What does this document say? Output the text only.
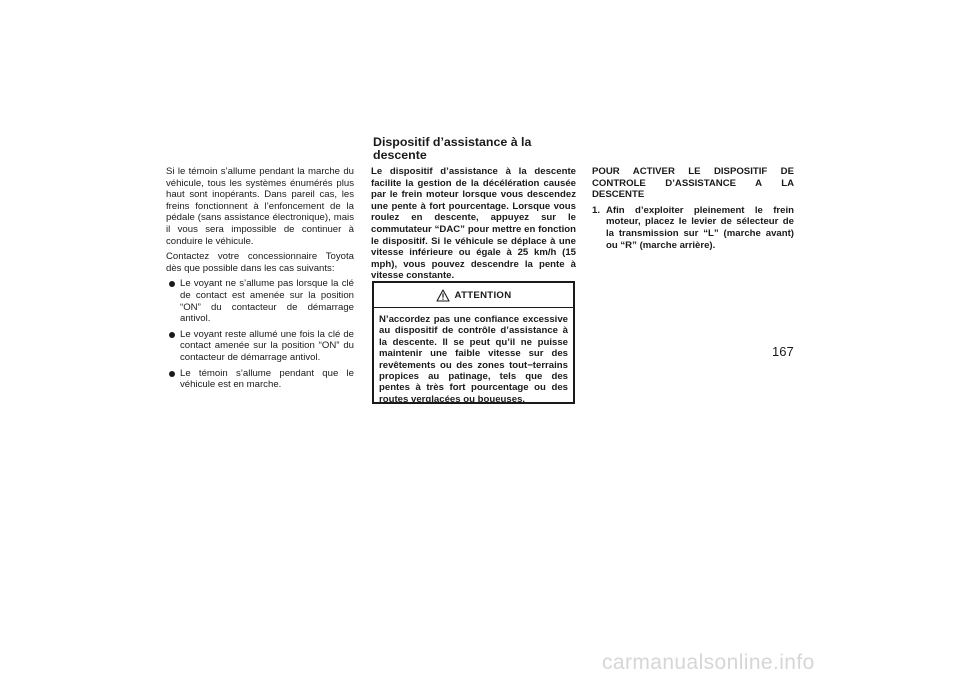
Si le témoin s’allume pendant la marche du véhicule, tous les systèmes énumérés plus haut sont inopérants. Dans pareil cas, les freins fonctionnent à l’enfoncement de la pédale (sans assistance électronique), mais il vous sera impossible de continuer à conduire le véhicule.

Contactez votre concessionnaire Toyota dès que possible dans les cas suivants:

Le voyant ne s’allume pas lorsque la clé de contact est amenée sur la position “ON” du contacteur de démarrage antivol.
Le voyant reste allumé une fois la clé de contact amenée sur la position “ON” du contacteur de démarrage antivol.
Le témoin s’allume pendant que le véhicule est en marche.
Dispositif d’assistance à la descente

Le dispositif d’assistance à la descente facilite la gestion de la décélération causée par le frein moteur lorsque vous descendez une pente à fort pourcentage. Lorsque vous roulez en descente, appuyez sur le commutateur “DAC” pour mettre en fonction le dispositif. Si le véhicule se déplace à une vitesse inférieure ou égale à 25 km/h (15 mph), vous pouvez descendre la pente à vitesse constante.

ATTENTION
N’accordez pas une confiance excessive au dispositif de contrôle d’assistance à la descente. Il se peut qu’il ne puisse maintenir une faible vitesse sur des revêtements ou des zones tout−terrains propices au patinage, tels que des pentes à très fort pourcentage ou des routes verglacées ou boueuses.

POUR ACTIVER LE DISPOSITIF DE CONTROLE D’ASSISTANCE A LA DESCENTE

1. Afin d’exploiter pleinement le frein moteur, placez le levier de sélecteur de la transmission sur “L” (marche avant) ou “R” (marche arrière).
167
carmanualsonline.info
